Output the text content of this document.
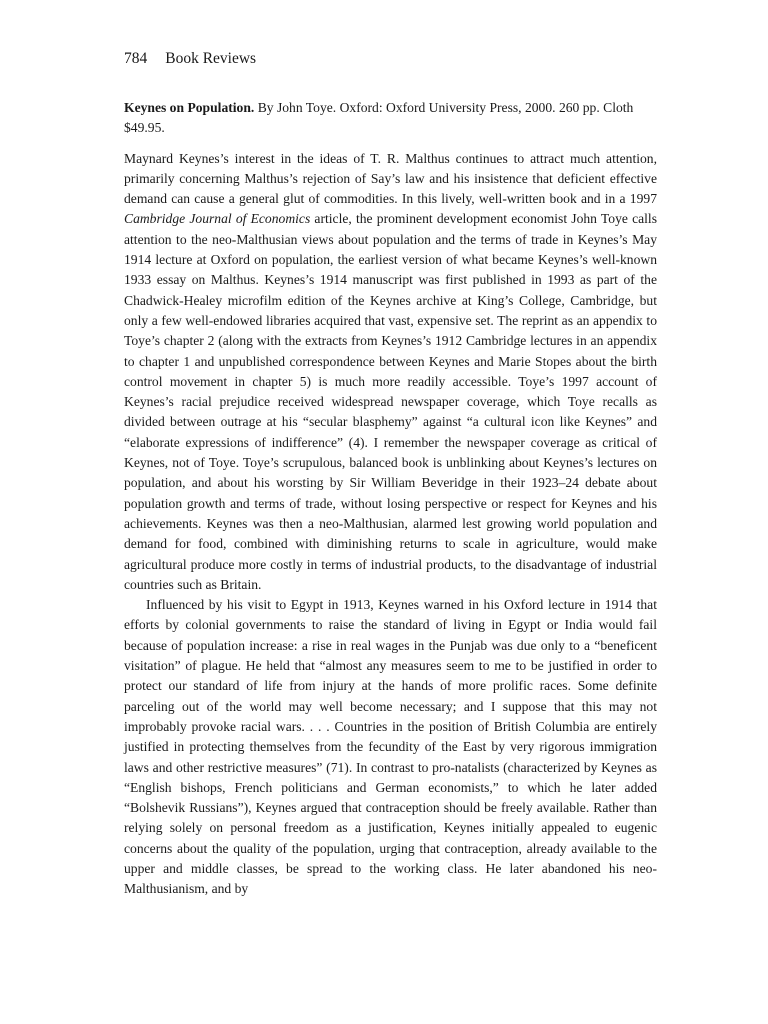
784 Book Reviews

Keynes on Population. By John Toye. Oxford: Oxford University Press, 2000. 260 pp. Cloth $49.95.

Maynard Keynes’s interest in the ideas of T. R. Malthus continues to attract much attention, primarily concerning Malthus’s rejection of Say’s law and his insistence that deficient effective demand can cause a general glut of commodities. In this lively, well-written book and in a 1997 Cambridge Journal of Economics article, the prominent development economist John Toye calls attention to the neo-Malthusian views about population and the terms of trade in Keynes’s May 1914 lecture at Oxford on population, the earliest version of what became Keynes’s well-known 1933 essay on Malthus. Keynes’s 1914 manuscript was first published in 1993 as part of the Chadwick-Healey microfilm edition of the Keynes archive at King’s College, Cambridge, but only a few well-endowed libraries acquired that vast, expensive set. The reprint as an appendix to Toye’s chapter 2 (along with the extracts from Keynes’s 1912 Cambridge lectures in an appendix to chapter 1 and unpublished correspondence between Keynes and Marie Stopes about the birth control movement in chapter 5) is much more readily accessible. Toye’s 1997 account of Keynes’s racial prejudice received widespread newspaper coverage, which Toye recalls as divided between outrage at his “secular blasphemy” against “a cultural icon like Keynes” and “elaborate expressions of indifference” (4). I remember the newspaper coverage as critical of Keynes, not of Toye. Toye’s scrupulous, balanced book is unblinking about Keynes’s lectures on population, and about his worsting by Sir William Beveridge in their 1923–24 debate about population growth and terms of trade, without losing perspective or respect for Keynes and his achievements. Keynes was then a neo-Malthusian, alarmed lest growing world population and demand for food, combined with diminishing returns to scale in agriculture, would make agricultural produce more costly in terms of industrial products, to the disadvantage of industrial countries such as Britain.

Influenced by his visit to Egypt in 1913, Keynes warned in his Oxford lecture in 1914 that efforts by colonial governments to raise the standard of living in Egypt or India would fail because of population increase: a rise in real wages in the Punjab was due only to a “beneficent visitation” of plague. He held that “almost any measures seem to me to be justified in order to protect our standard of life from injury at the hands of more prolific races. Some definite parceling out of the world may well become necessary; and I suppose that this may not improbably provoke racial wars. . . . Countries in the position of British Columbia are entirely justified in protecting themselves from the fecundity of the East by very rigorous immigration laws and other restrictive measures” (71). In contrast to pro-natalists (characterized by Keynes as “English bishops, French politicians and German economists,” to which he later added “Bolshevik Russians”), Keynes argued that contraception should be freely available. Rather than relying solely on personal freedom as a justification, Keynes initially appealed to eugenic concerns about the quality of the population, urging that contraception, already available to the upper and middle classes, be spread to the working class. He later abandoned his neo-Malthusianism, and by
